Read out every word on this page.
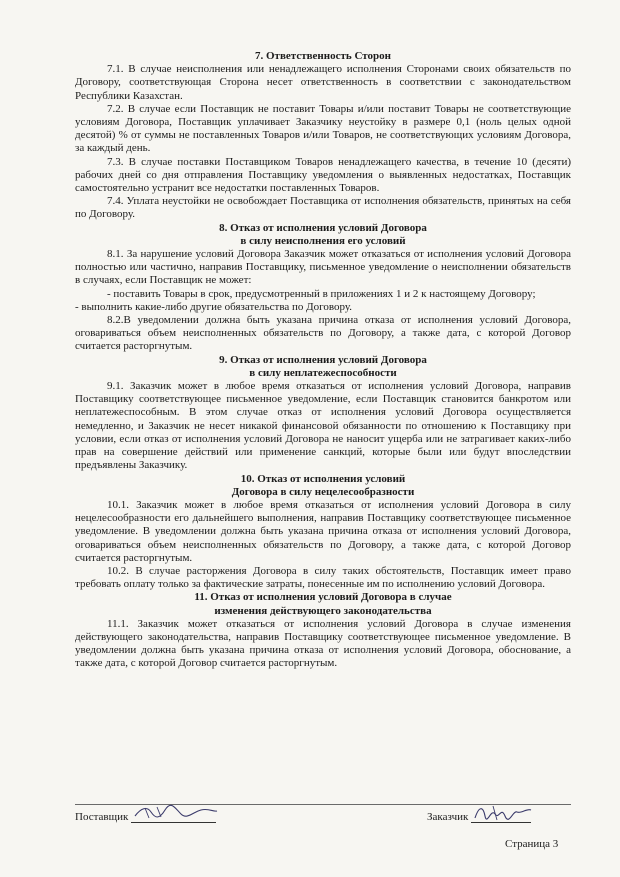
7. Ответственность Сторон
7.1. В случае неисполнения или ненадлежащего исполнения Сторонами своих обязательств по Договору, соответствующая Сторона несет ответственность в соответствии с законодательством Республики Казахстан.
7.2. В случае если Поставщик не поставит Товары и/или поставит Товары не соответствующие условиям Договора, Поставщик уплачивает Заказчику неустойку в размере 0,1 (ноль целых одной десятой) % от суммы не поставленных Товаров и/или Товаров, не соответствующих условиям Договора, за каждый день.
7.3. В случае поставки Поставщиком Товаров ненадлежащего качества, в течение 10 (десяти) рабочих дней со дня отправления Поставщику уведомления о выявленных недостатках, Поставщик самостоятельно устранит все недостатки поставленных Товаров.
7.4. Уплата неустойки не освобождает Поставщика от исполнения обязательств, принятых на себя по Договору.
8. Отказ от исполнения условий Договора
в силу неисполнения его условий
8.1. За нарушение условий Договора Заказчик может отказаться от исполнения условий Договора полностью или частично, направив Поставщику, письменное уведомление о неисполнении обязательств в случаях, если Поставщик не может:
- поставить Товары в срок, предусмотренный в приложениях 1 и 2 к настоящему Договору;
- выполнить какие-либо другие обязательства по Договору.
8.2.В уведомлении должна быть указана причина отказа от исполнения условий Договора, оговариваться объем неисполненных обязательств по Договору, а также дата, с которой Договор считается расторгнутым.
9. Отказ от исполнения условий Договора
в силу неплатежеспособности
9.1. Заказчик может в любое время отказаться от исполнения условий Договора, направив Поставщику соответствующее письменное уведомление, если Поставщик становится банкротом или неплатежеспособным. В этом случае отказ от исполнения условий Договора осуществляется немедленно, и Заказчик не несет никакой финансовой обязанности по отношению к Поставщику при условии, если отказ от исполнения условий Договора не наносит ущерба или не затрагивает каких-либо прав на совершение действий или применение санкций, которые были или будут впоследствии предъявлены Заказчику.
10. Отказ от исполнения условий
Договора в силу нецелесообразности
10.1. Заказчик может в любое время отказаться от исполнения условий Договора в силу нецелесообразности его дальнейшего выполнения, направив Поставщику соответствующее письменное уведомление. В уведомлении должна быть указана причина отказа от исполнения условий Договора, оговариваться объем неисполненных обязательств по Договору, а также дата, с которой Договор считается расторгнутым.
10.2. В случае расторжения Договора в силу таких обстоятельств, Поставщик имеет право требовать оплату только за фактические затраты, понесенные им по исполнению условий Договора.
11. Отказ от исполнения условий Договора в случае
изменения действующего законодательства
11.1. Заказчик может отказаться от исполнения условий Договора в случае изменения действующего законодательства, направив Поставщику соответствующее письменное уведомление. В уведомлении должна быть указана причина отказа от исполнения условий Договора, обоснование, а также дата, с которой Договор считается расторгнутым.
Поставщик	Заказчик
Страница 3
